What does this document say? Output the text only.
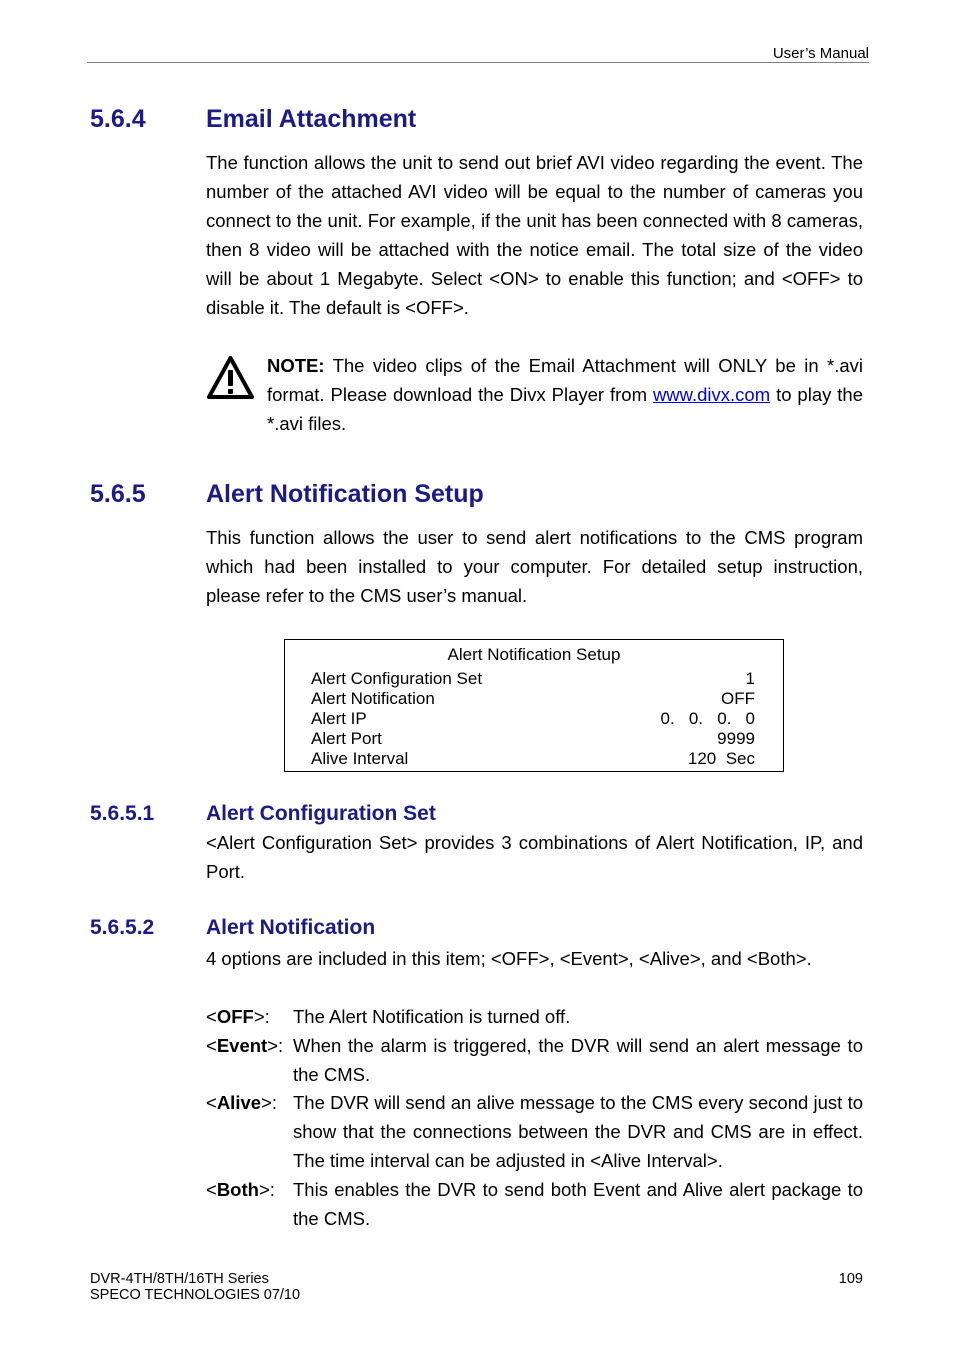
User’s Manual
5.6.4 Email Attachment
The function allows the unit to send out brief AVI video regarding the event. The number of the attached AVI video will be equal to the number of cameras you connect to the unit. For example, if the unit has been connected with 8 cameras, then 8 video will be attached with the notice email. The total size of the video will be about 1 Megabyte. Select <ON> to enable this function; and <OFF> to disable it. The default is <OFF>.
NOTE: The video clips of the Email Attachment will ONLY be in *.avi format. Please download the Divx Player from www.divx.com to play the *.avi files.
5.6.5 Alert Notification Setup
This function allows the user to send alert notifications to the CMS program which had been installed to your computer. For detailed setup instruction, please refer to the CMS user’s manual.
Alert Notification Setup
Alert Configuration Set	1
Alert Notification	OFF
Alert IP	0.   0.   0.   0
Alert Port	9999
Alive Interval	120  Sec
5.6.5.1 Alert Configuration Set
<Alert Configuration Set> provides 3 combinations of Alert Notification, IP, and Port.
5.6.5.2 Alert Notification
4 options are included in this item; <OFF>, <Event>, <Alive>, and <Both>.
<OFF>: The Alert Notification is turned off.
<Event>: When the alarm is triggered, the DVR will send an alert message to the CMS.
<Alive>: The DVR will send an alive message to the CMS every second just to show that the connections between the DVR and CMS are in effect. The time interval can be adjusted in <Alive Interval>.
<Both>: This enables the DVR to send both Event and Alive alert package to the CMS.
DVR-4TH/8TH/16TH Series
SPECO TECHNOLOGIES 07/10
109
